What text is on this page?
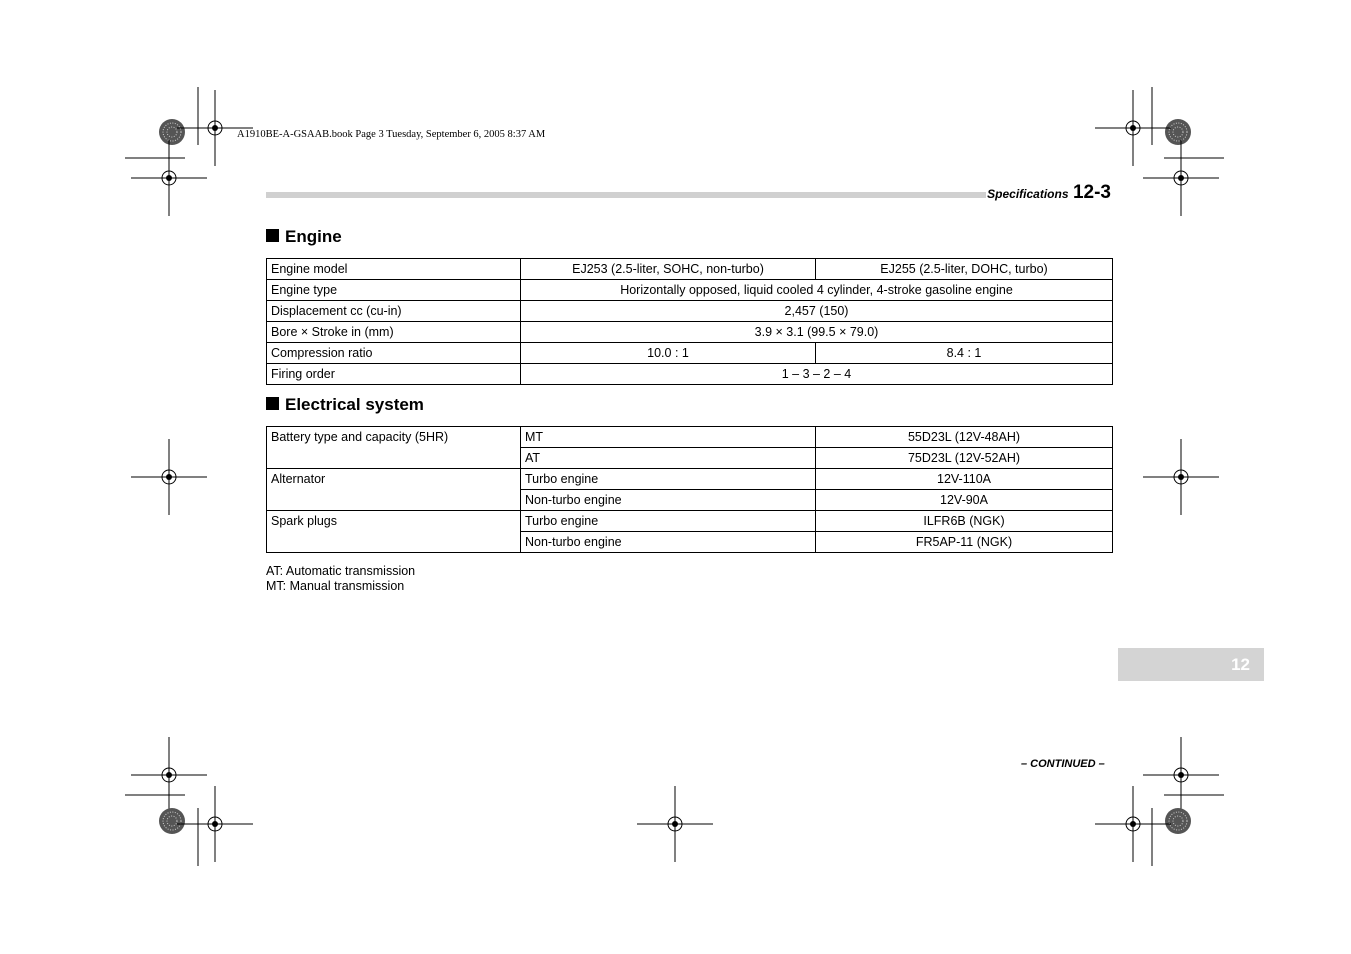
A1910BE-A-GSAAB.book Page 3 Tuesday, September 6, 2005 8:37 AM
Specifications 12-3
Engine
Engine model	EJ253 (2.5-liter, SOHC, non-turbo)	EJ255 (2.5-liter, DOHC, turbo)
Engine type	Horizontally opposed, liquid cooled 4 cylinder, 4-stroke gasoline engine	
Displacement cc (cu-in)	2,457 (150)	
Bore × Stroke in (mm)	3.9 × 3.1 (99.5 × 79.0)	
Compression ratio	10.0 : 1	8.4 : 1
Firing order	1 – 3 – 2 – 4	
Electrical system
Battery type and capacity (5HR)	MT	55D23L (12V-48AH)
	AT	75D23L (12V-52AH)
Alternator	Turbo engine	12V-110A
	Non-turbo engine	12V-90A
Spark plugs	Turbo engine	ILFR6B (NGK)
	Non-turbo engine	FR5AP-11 (NGK)
AT: Automatic transmission
MT: Manual transmission
12
– CONTINUED –
